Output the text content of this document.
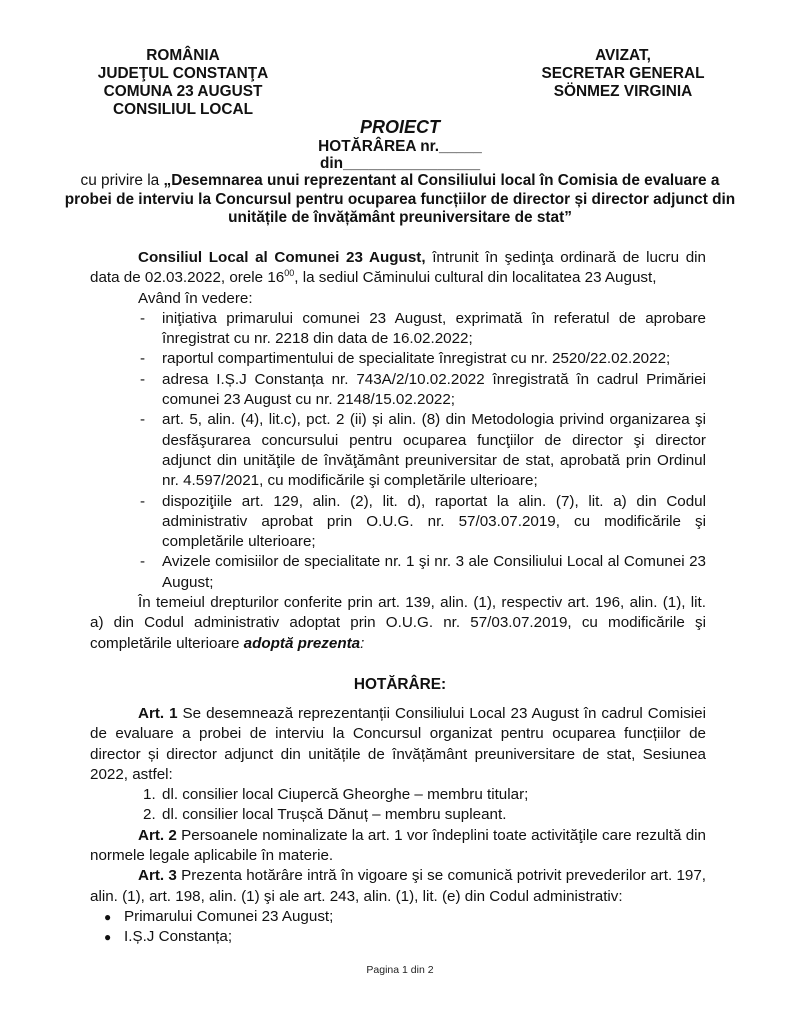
ROMÂNIA
JUDEŢUL CONSTANŢA
COMUNA 23 AUGUST
CONSILIUL LOCAL
AVIZAT,
SECRETAR GENERAL
SÖNMEZ VIRGINIA
PROIECT
HOTĂRÂREA nr._____
din________________
cu privire la „Desemnarea unui reprezentant al Consiliului local în Comisia de evaluare a probei de interviu la Concursul pentru ocuparea funcțiilor de director și director adjunct din unitățile de învățământ preuniversitare de stat”

Consiliul Local al Comunei 23 August, întrunit în şedinţa ordinară de lucru din data de 02.03.2022, orele $16^{00}$, la sediul Căminului cultural din localitatea 23 August,

Având în vedere:

- iniţiativa primarului comunei 23 August, exprimată în referatul de aprobare înregistrat cu nr. 2218 din data de 16.02.2022;
- raportul compartimentului de specialitate înregistrat cu nr. 2520/22.02.2022;
- adresa I.Ș.J Constanța nr. 743A/2/10.02.2022 înregistrată în cadrul Primăriei comunei 23 August cu nr. 2148/15.02.2022;
- art. 5, alin. (4), lit.c), pct. 2 (ii) și alin. (8) din Metodologia privind organizarea şi desfăşurarea concursului pentru ocuparea funcţiilor de director şi director adjunct din unităţile de învăţământ preuniversitar de stat, aprobată prin Ordinul nr. 4.597/2021, cu modificările şi completările ulterioare;
- dispoziţiile art. 129, alin. (2), lit. d), raportat la alin. (7), lit. a) din Codul administrativ aprobat prin O.U.G. nr. 57/03.07.2019, cu modificările şi completările ulterioare;
- Avizele comisiilor de specialitate nr. 1 şi nr. 3 ale Consiliului Local al Comunei 23 August;

În temeiul drepturilor conferite prin art. 139, alin. (1), respectiv art. 196, alin. (1), lit. a) din Codul administrativ adoptat prin O.U.G. nr. 57/03.07.2019, cu modificările şi completările ulterioare adoptă prezenta:

HOTĂRÂRE:

Art. 1 Se desemnează reprezentanții Consiliului Local 23 August în cadrul Comisiei de evaluare a probei de interviu la Concursul organizat pentru ocuparea funcțiilor de director și director adjunct din unitățile de învățământ preuniversitare de stat, Sesiunea 2022, astfel:

1. dl. consilier local Ciupercă Gheorghe – membru titular;
2. dl. consilier local Trușcă Dănuț – membru supleant.

Art. 2 Persoanele nominalizate la art. 1 vor îndeplini toate activităţile care rezultă din normele legale aplicabile în materie.

Art. 3 Prezenta hotărâre intră în vigoare şi se comunică potrivit prevederilor art. 197, alin. (1), art. 198, alin. (1) şi ale art. 243, alin. (1), lit. (e) din Codul administrativ:

● Primarului Comunei 23 August;
● I.Ș.J Constanța;
Pagina 1 din 2
